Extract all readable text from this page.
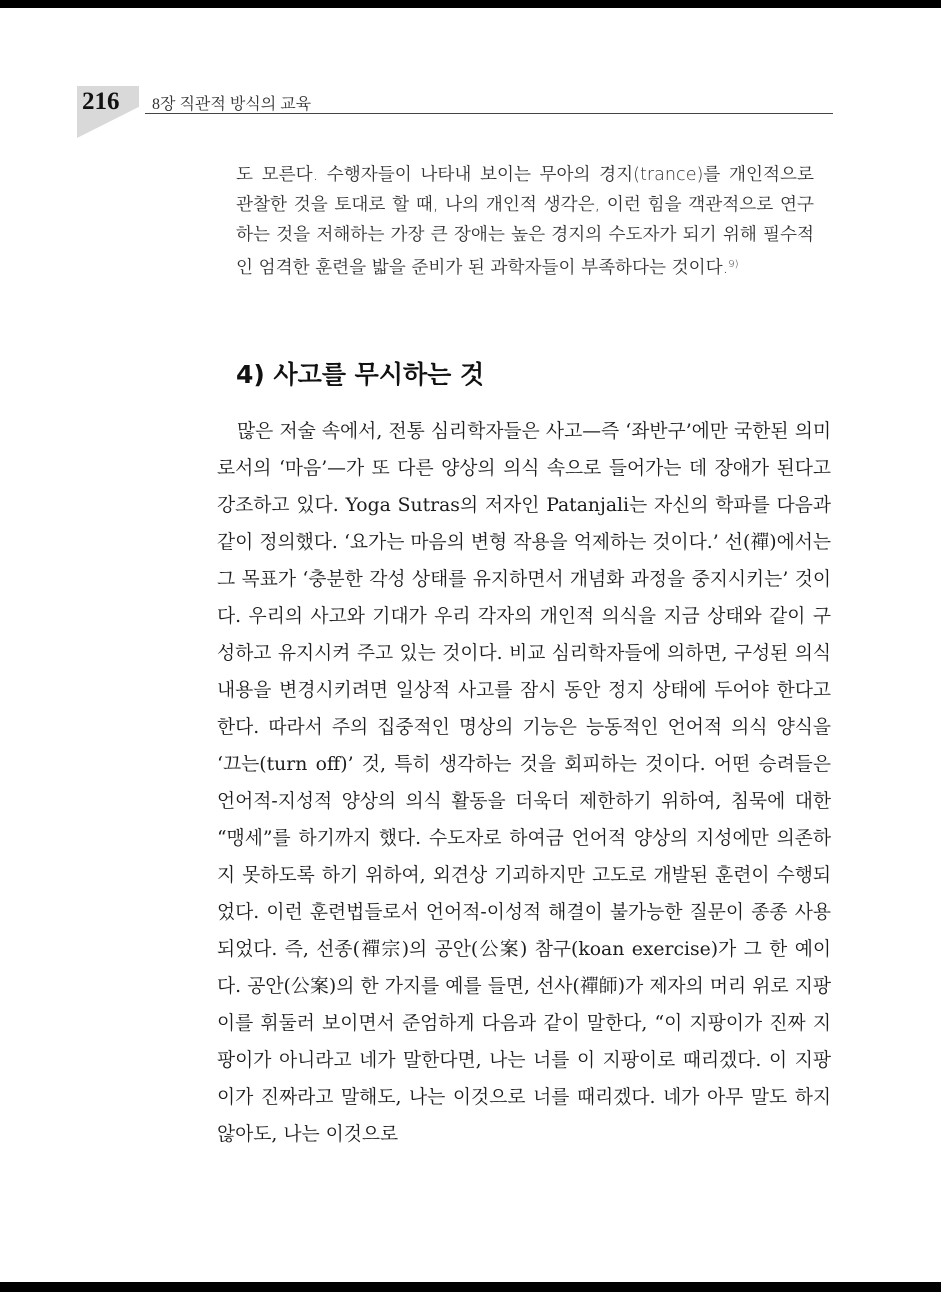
216 8장 직관적 방식의 교육
도 모른다. 수행자들이 나타내 보이는 무아의 경지(trance)를 개인적으로 관찰한 것을 토대로 할 때, 나의 개인적 생각은, 이런 힘을 객관적으로 연구하는 것을 저해하는 가장 큰 장애는 높은 경지의 수도자가 되기 위해 필수적인 엄격한 훈련을 밟을 준비가 된 과학자들이 부족하다는 것이다.$^{9)}$
4) 사고를 무시하는 것
많은 저술 속에서, 전통 심리학자들은 사고—즉 ‘좌반구’에만 국한된 의미로서의 ‘마음’—가 또 다른 양상의 의식 속으로 들어가는 데 장애가 된다고 강조하고 있다. Yoga Sutras의 저자인 Patanjali는 자신의 학파를 다음과 같이 정의했다. ‘요가는 마음의 변형 작용을 억제하는 것이다.’ 선(禪)에서는 그 목표가 ‘충분한 각성 상태를 유지하면서 개념화 과정을 중지시키는’ 것이다. 우리의 사고와 기대가 우리 각자의 개인적 의식을 지금 상태와 같이 구성하고 유지시켜 주고 있는 것이다. 비교 심리학자들에 의하면, 구성된 의식 내용을 변경시키려면 일상적 사고를 잠시 동안 정지 상태에 두어야 한다고 한다. 따라서 주의 집중적인 명상의 기능은 능동적인 언어적 의식 양식을 ‘끄는(turn off)’ 것, 특히 생각하는 것을 회피하는 것이다. 어떤 승려들은 언어적-지성적 양상의 의식 활동을 더욱더 제한하기 위하여, 침묵에 대한 “맹세”를 하기까지 했다. 수도자로 하여금 언어적 양상의 지성에만 의존하지 못하도록 하기 위하여, 외견상 기괴하지만 고도로 개발된 훈련이 수행되었다. 이런 훈련법들로서 언어적-이성적 해결이 불가능한 질문이 종종 사용되었다. 즉, 선종(禪宗)의 공안(公案) 참구(koan exercise)가 그 한 예이다. 공안(公案)의 한 가지를 예를 들면, 선사(禪師)가 제자의 머리 위로 지팡이를 휘둘러 보이면서 준엄하게 다음과 같이 말한다, “이 지팡이가 진짜 지팡이가 아니라고 네가 말한다면, 나는 너를 이 지팡이로 때리겠다. 이 지팡이가 진짜라고 말해도, 나는 이것으로 너를 때리겠다. 네가 아무 말도 하지 않아도, 나는 이것으로
